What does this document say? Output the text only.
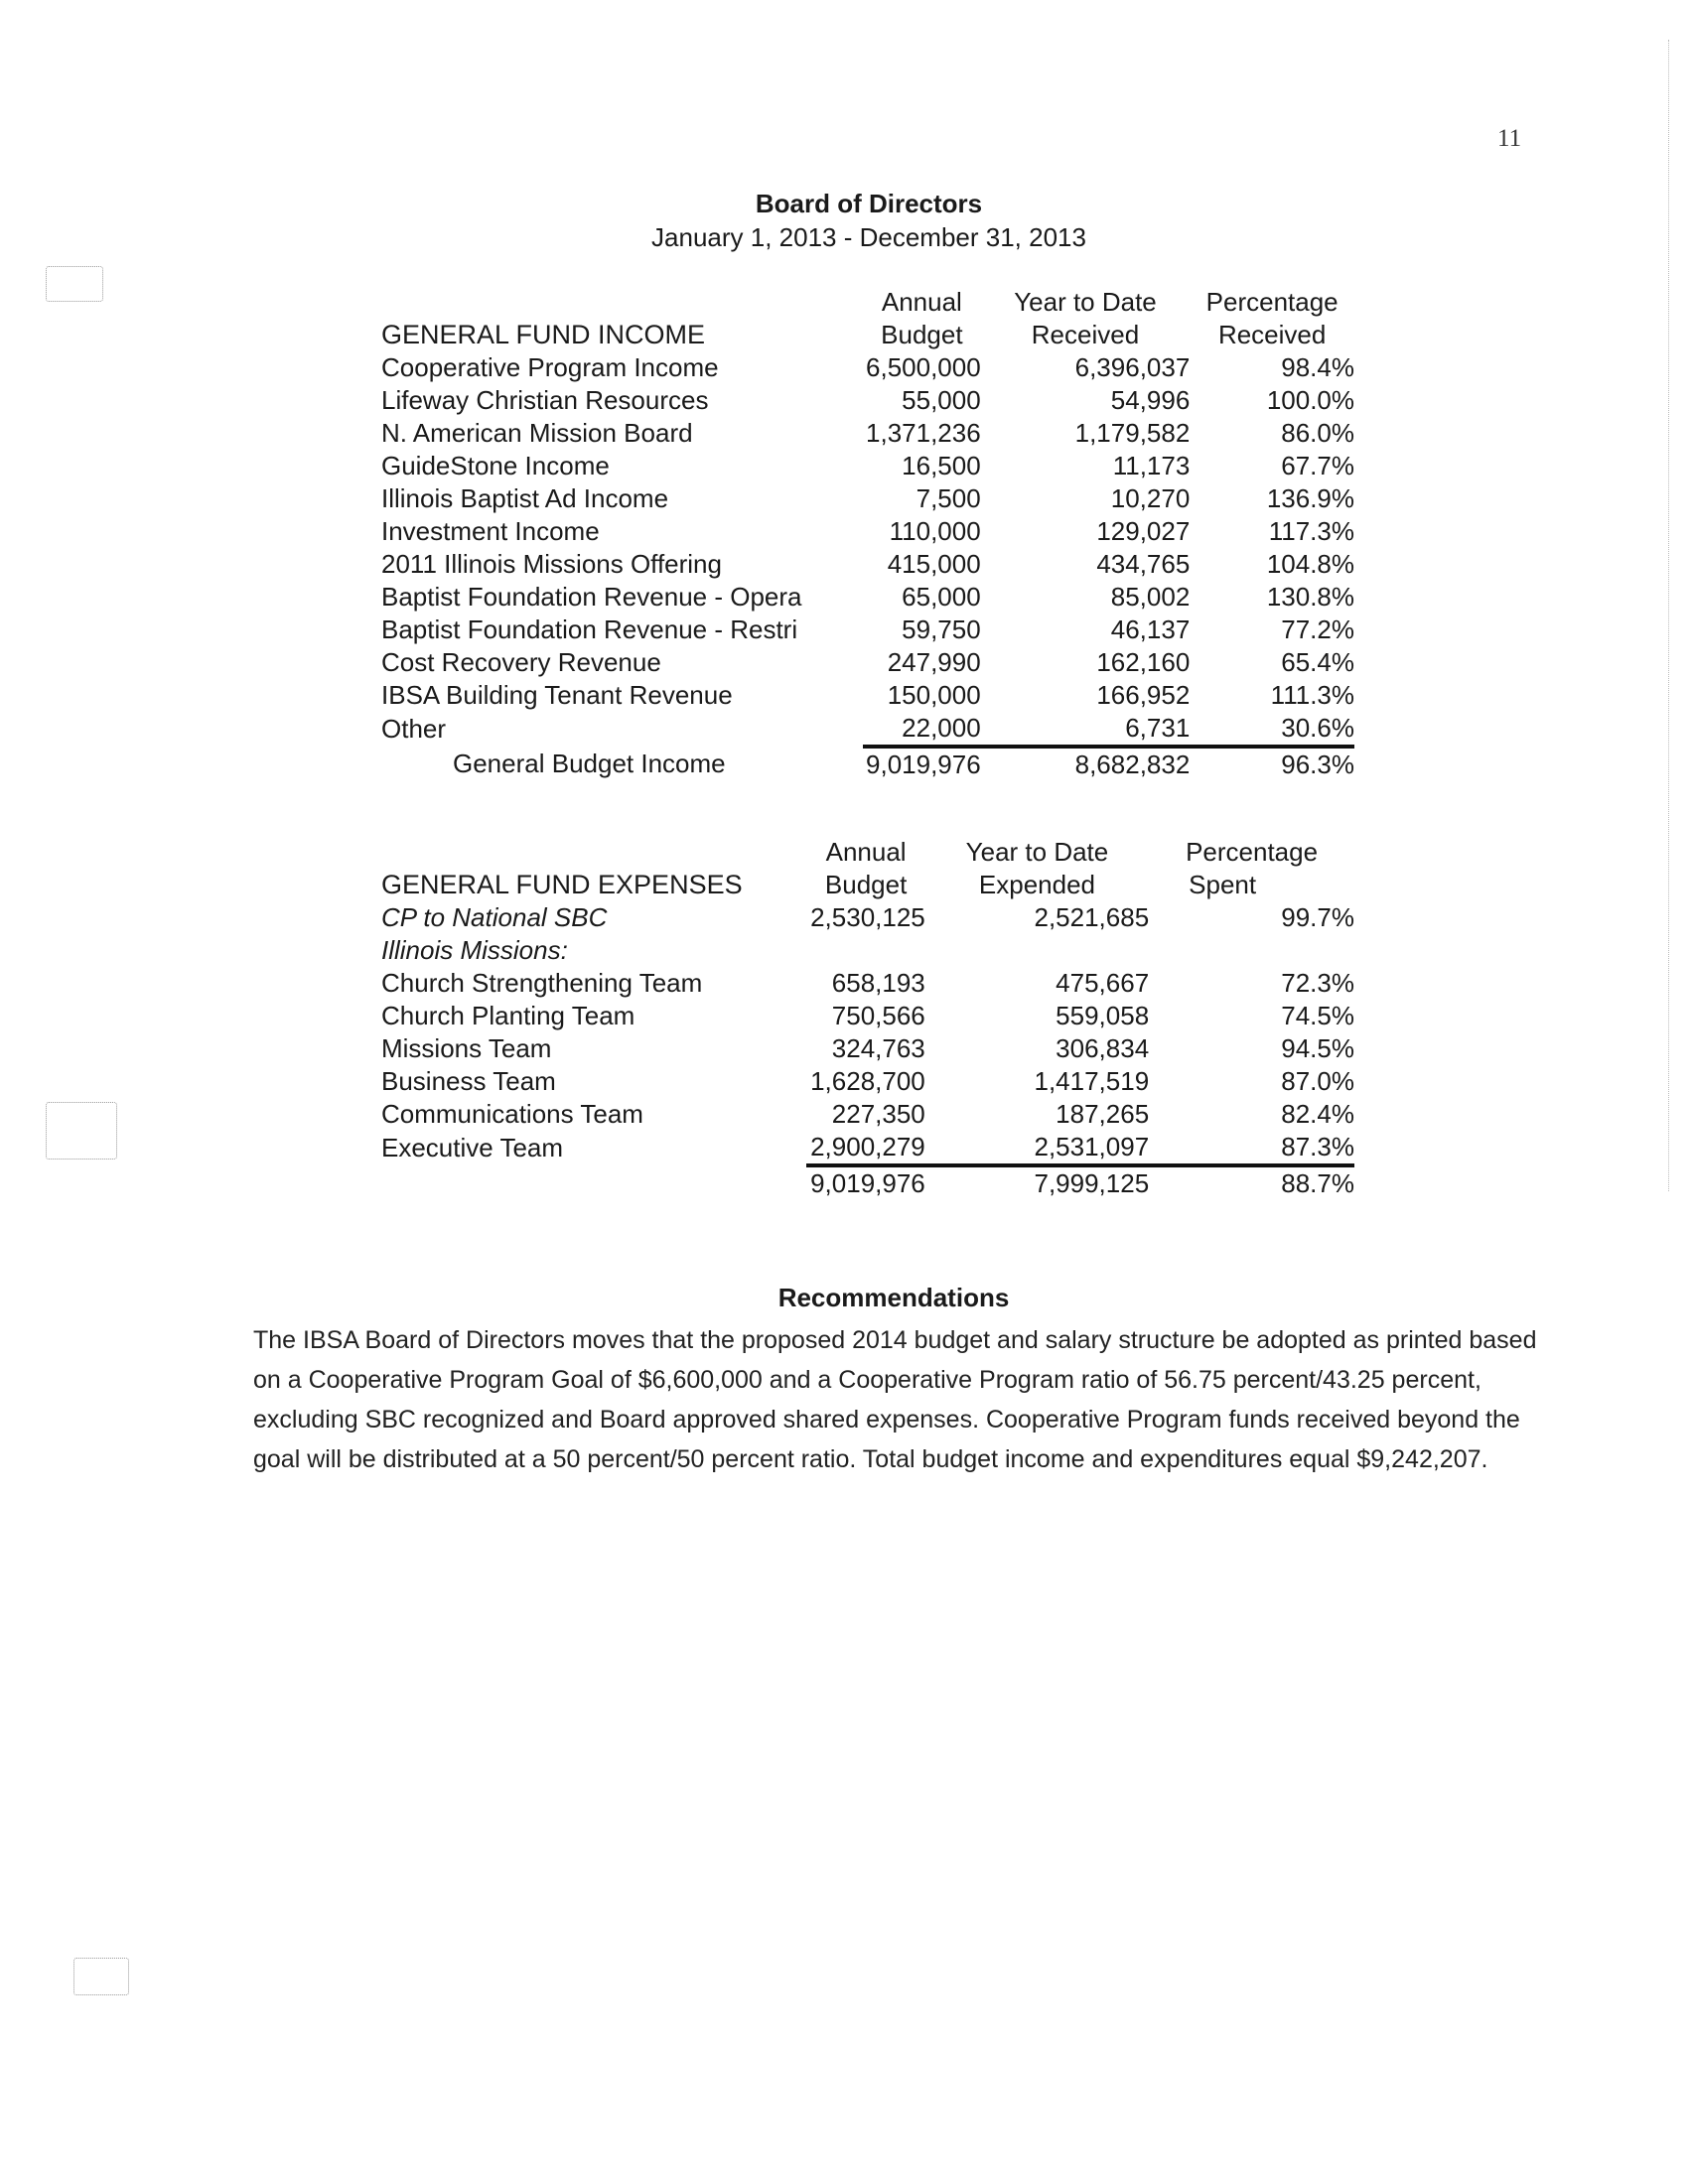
11
Board of Directors
January 1, 2013 - December 31, 2013
	Annual	Year to Date	Percentage
GENERAL FUND INCOME	Budget	Received	Received
Cooperative Program Income	6,500,000	6,396,037	98.4%
Lifeway Christian Resources	55,000	54,996	100.0%
N. American Mission Board	1,371,236	1,179,582	86.0%
GuideStone Income	16,500	11,173	67.7%
Illinois Baptist Ad Income	7,500	10,270	136.9%
Investment Income	110,000	129,027	117.3%
2011 Illinois Missions Offering	415,000	434,765	104.8%
Baptist Foundation Revenue - Opera	65,000	85,002	130.8%
Baptist Foundation Revenue - Restri	59,750	46,137	77.2%
Cost Recovery Revenue	247,990	162,160	65.4%
IBSA Building Tenant Revenue	150,000	166,952	111.3%
Other	22,000	6,731	30.6%
General Budget Income	9,019,976	8,682,832	96.3%
	Annual	Year to Date	Percentage
GENERAL FUND EXPENSES	Budget	Expended	Spent
CP to National SBC	2,530,125	2,521,685	99.7%
Illinois Missions:			
Church Strengthening Team	658,193	475,667	72.3%
Church Planting Team	750,566	559,058	74.5%
Missions Team	324,763	306,834	94.5%
Business Team	1,628,700	1,417,519	87.0%
Communications Team	227,350	187,265	82.4%
Executive Team	2,900,279	2,531,097	87.3%
	9,019,976	7,999,125	88.7%
Recommendations
The IBSA Board of Directors moves that the proposed 2014 budget and salary structure be adopted as printed based on a Cooperative Program Goal of $6,600,000 and a Cooperative Program ratio of 56.75 percent/43.25 percent, excluding SBC recognized and Board approved shared expenses. Cooperative Program funds received beyond the goal will be distributed at a 50 percent/50 percent ratio. Total budget income and expenditures equal $9,242,207.
